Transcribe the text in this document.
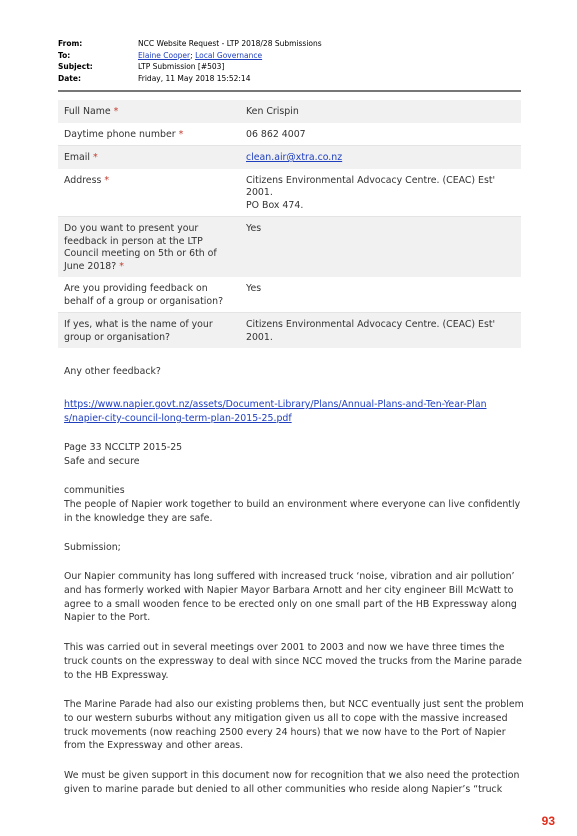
From:	NCC Website Request - LTP 2018/28 Submissions
To:	Elaine Cooper; Local Governance
Subject:	LTP Submission [#503]
Date:	Friday, 11 May 2018 15:52:14
Full Name *	Ken Crispin
Daytime phone number *	06 862 4007
Email *	clean.air@xtra.co.nz
Address *	Citizens Environmental Advocacy Centre. (CEAC) Est' 2001.
PO Box 474.
Do you want to present your feedback in person at the LTP Council meeting on 5th or 6th of June 2018? *	Yes
Are you providing feedback on behalf of a group or organisation?	Yes
If yes, what is the name of your group or organisation?	Citizens Environmental Advocacy Centre. (CEAC) Est' 2001.
Any other feedback?
https://www.napier.govt.nz/assets/Document-Library/Plans/Annual-Plans-and-Ten-Year-Plans/napier-city-council-long-term-plan-2015-25.pdf
Page 33 NCCLTP 2015-25
Safe and secure
communities
The people of Napier work together to build an environment where everyone can live confidently in the knowledge they are safe.
Submission;
Our Napier community has long suffered with increased truck ‘noise, vibration and air pollution’ and has formerly worked with Napier Mayor Barbara Arnott and her city engineer Bill McWatt to agree to a small wooden fence to be erected only on one small part of the HB Expressway along Napier to the Port.
This was carried out in several meetings over 2001 to 2003 and now we have three times the truck counts on the expressway to deal with since NCC moved the trucks from the Marine parade to the HB Expressway.
The Marine Parade had also our existing problems then, but NCC eventually just sent the problem to our western suburbs without any mitigation given us all to cope with the massive increased truck movements (now reaching 2500 every 24 hours) that we now have to the Port of Napier from the Expressway and other areas.
We must be given support in this document now for recognition that we also need the protection given to marine parade but denied to all other communities who reside along Napier’s “truck
93
